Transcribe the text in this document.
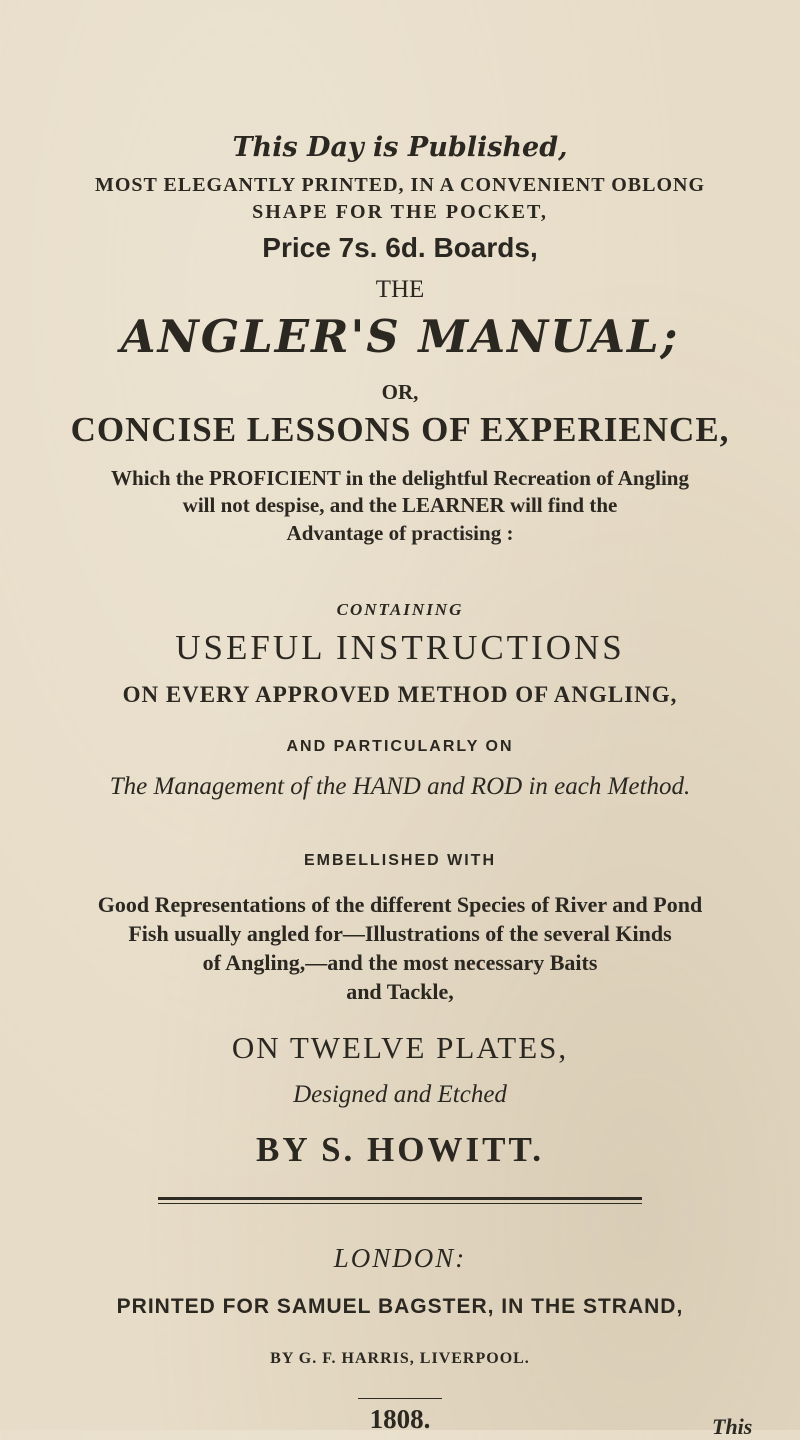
This Day is Published,
MOST ELEGANTLY PRINTED, IN A CONVENIENT OBLONG
SHAPE FOR THE POCKET,
Price 7s. 6d. Boards,
THE
ANGLER'S MANUAL;
OR,
CONCISE LESSONS OF EXPERIENCE,
Which the PROFICIENT in the delightful Recreation of Angling
will not despise, and the LEARNER will find the
Advantage of practising :
CONTAINING
USEFUL INSTRUCTIONS
ON EVERY APPROVED METHOD OF ANGLING,
AND PARTICULARLY ON
The Management of the HAND and ROD in each Method.
EMBELLISHED WITH
Good Representations of the different Species of River and Pond
Fish usually angled for—Illustrations of the several Kinds
of Angling,—and the most necessary Baits
and Tackle,
ON TWELVE PLATES,
Designed and Etched
BY S. HOWITT.
LONDON:
PRINTED FOR SAMUEL BAGSTER, IN THE STRAND,
BY G. F. HARRIS, LIVERPOOL.
1808.	This
